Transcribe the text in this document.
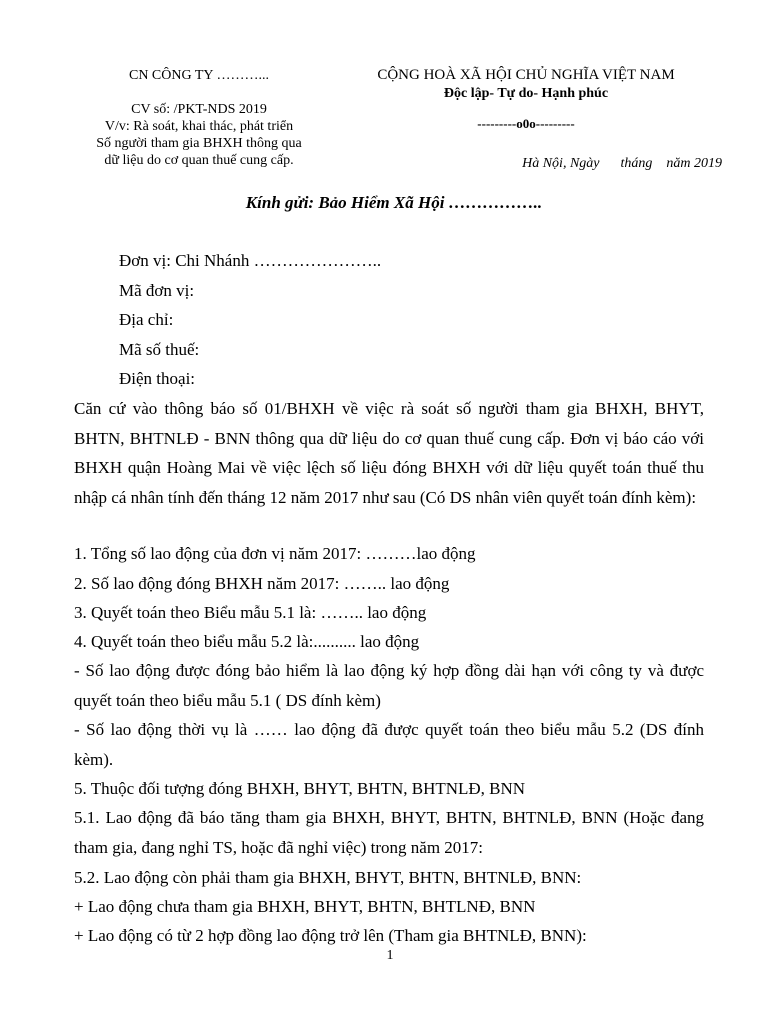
CN CÔNG TY ………...
CV số: /PKT-NDS 2019
V/v: Rà soát, khai thác, phát triển
Số người tham gia BHXH thông qua
dữ liệu do cơ quan thuế cung cấp.
CỘNG HOÀ XÃ HỘI CHỦ NGHĨA VIỆT NAM
Độc lập- Tự do- Hạnh phúc
---------o0o---------
Hà Nội, Ngày      tháng    năm 2019
Kính gửi: Bảo Hiểm Xã Hội ……………..
Đơn vị: Chi Nhánh …………………..
Mã đơn vị:
Địa chỉ:
Mã số thuế:
Điện thoại:
Căn cứ vào thông báo số 01/BHXH về việc rà soát số người tham gia BHXH, BHYT, BHTN, BHTNLĐ - BNN thông qua dữ liệu do cơ quan thuế cung cấp. Đơn vị báo cáo với BHXH quận Hoàng Mai về việc lệch số liệu đóng BHXH với dữ liệu quyết toán thuế thu nhập cá nhân tính đến tháng 12 năm 2017 như sau (Có DS nhân viên quyết toán đính kèm):
1. Tổng số lao động của đơn vị năm 2017: ………lao động
2. Số lao động đóng BHXH năm 2017: …….. lao động
3. Quyết toán theo Biểu mẫu 5.1 là: …….. lao động
4. Quyết toán theo biểu mẫu 5.2 là:.......... lao động
- Số lao động được đóng bảo hiểm là lao động ký hợp đồng dài hạn với công ty và được quyết toán theo biểu mẫu 5.1 ( DS đính kèm)
- Số lao động thời vụ là …… lao động đã được quyết toán theo biểu mẫu 5.2 (DS đính kèm).
5. Thuộc đối tượng đóng BHXH, BHYT, BHTN, BHTNLĐ, BNN
5.1. Lao động đã báo tăng tham gia BHXH, BHYT, BHTN, BHTNLĐ, BNN (Hoặc đang tham gia, đang nghỉ TS, hoặc đã nghỉ việc) trong năm 2017:
5.2. Lao động còn phải tham gia BHXH, BHYT, BHTN, BHTNLĐ, BNN:
+ Lao động chưa tham gia BHXH, BHYT, BHTN, BHTLNĐ, BNN
+ Lao động có từ 2 hợp đồng lao động trở lên (Tham gia BHTNLĐ, BNN):
1
